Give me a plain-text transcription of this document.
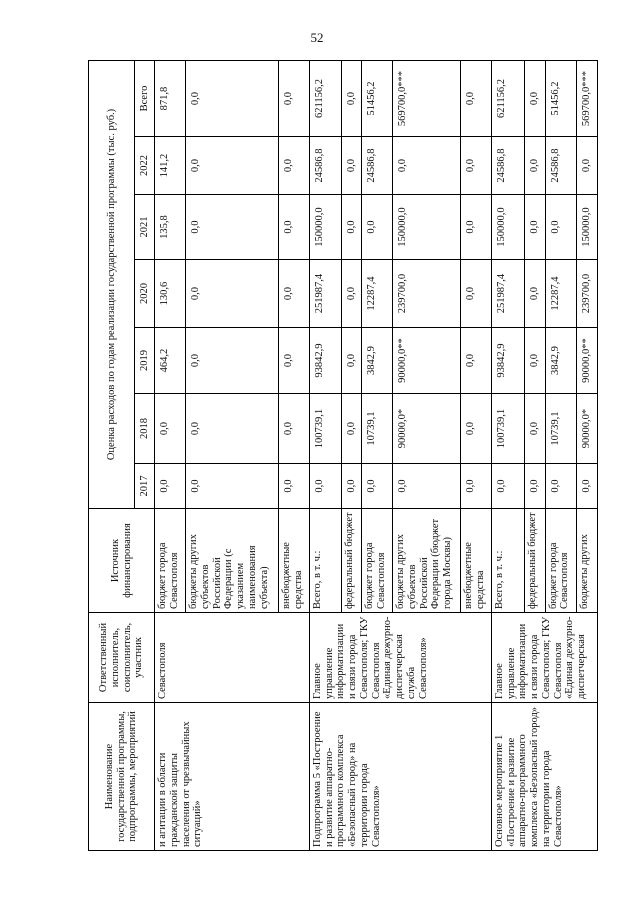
52
Наименование государственной программы, подпрограммы, мероприятий	Ответственный исполнитель, соисполнитель, участник	Источник финансирования	Оценка расходов по годам реализации государственной программы (тыс. руб.)						
			2017	2018	2019	2020	2021	2022	Всего
и агитации в области гражданской защиты населения от чрезвычайных ситуаций»	Севастополя	бюджет города Севастополя	0,0	0,0	464,2	130,6	135,8	141,2	871,8
		бюджеты других субъектов Российской Федерации (с указанием наименования субъекта)	0,0	0,0	0,0	0,0	0,0	0,0	0,0
		внебюджетные средства	0,0	0,0	0,0	0,0	0,0	0,0	0,0
Подпрограмма 5 «Построение и развитие аппаратно-программного комплекса «Безопасный город» на территории города Севастополя»	Главное управление информатизации и связи города Севастополя; ГКУ Севастополя «Единая дежурно-диспетчерская служба Севастополя»	Всего, в т. ч.:	0,0	100739,1	93842,9	251987,4	150000,0	24586,8	621156,2
		федеральный бюджет	0,0	0,0	0,0	0,0	0,0	0,0	0,0
		бюджет города Севастополя	0,0	10739,1	3842,9	12287,4	0,0	24586,8	51456,2
		бюджеты других субъектов Российской Федерации (бюджет города Москвы)	0,0	90000,0*	90000,0**	239700,0	150000,0	0,0	569700,0***
		внебюджетные средства	0,0	0,0	0,0	0,0	0,0	0,0	0,0
Основное мероприятие 1 «Построение и развитие аппаратно-программного комплекса «Безопасный город» на территории города Севастополя»	Главное управление информатизации и связи города Севастополя; ГКУ Севастополя «Единая дежурно-диспетчерская	Всего, в т. ч.:	0,0	100739,1	93842,9	251987,4	150000,0	24586,8	621156,2
		федеральный бюджет	0,0	0,0	0,0	0,0	0,0	0,0	0,0
		бюджет города Севастополя	0,0	10739,1	3842,9	12287,4	0,0	24586,8	51456,2
		бюджеты других	0,0	90000,0*	90000,0**	239700,0	150000,0	0,0	569700,0***
